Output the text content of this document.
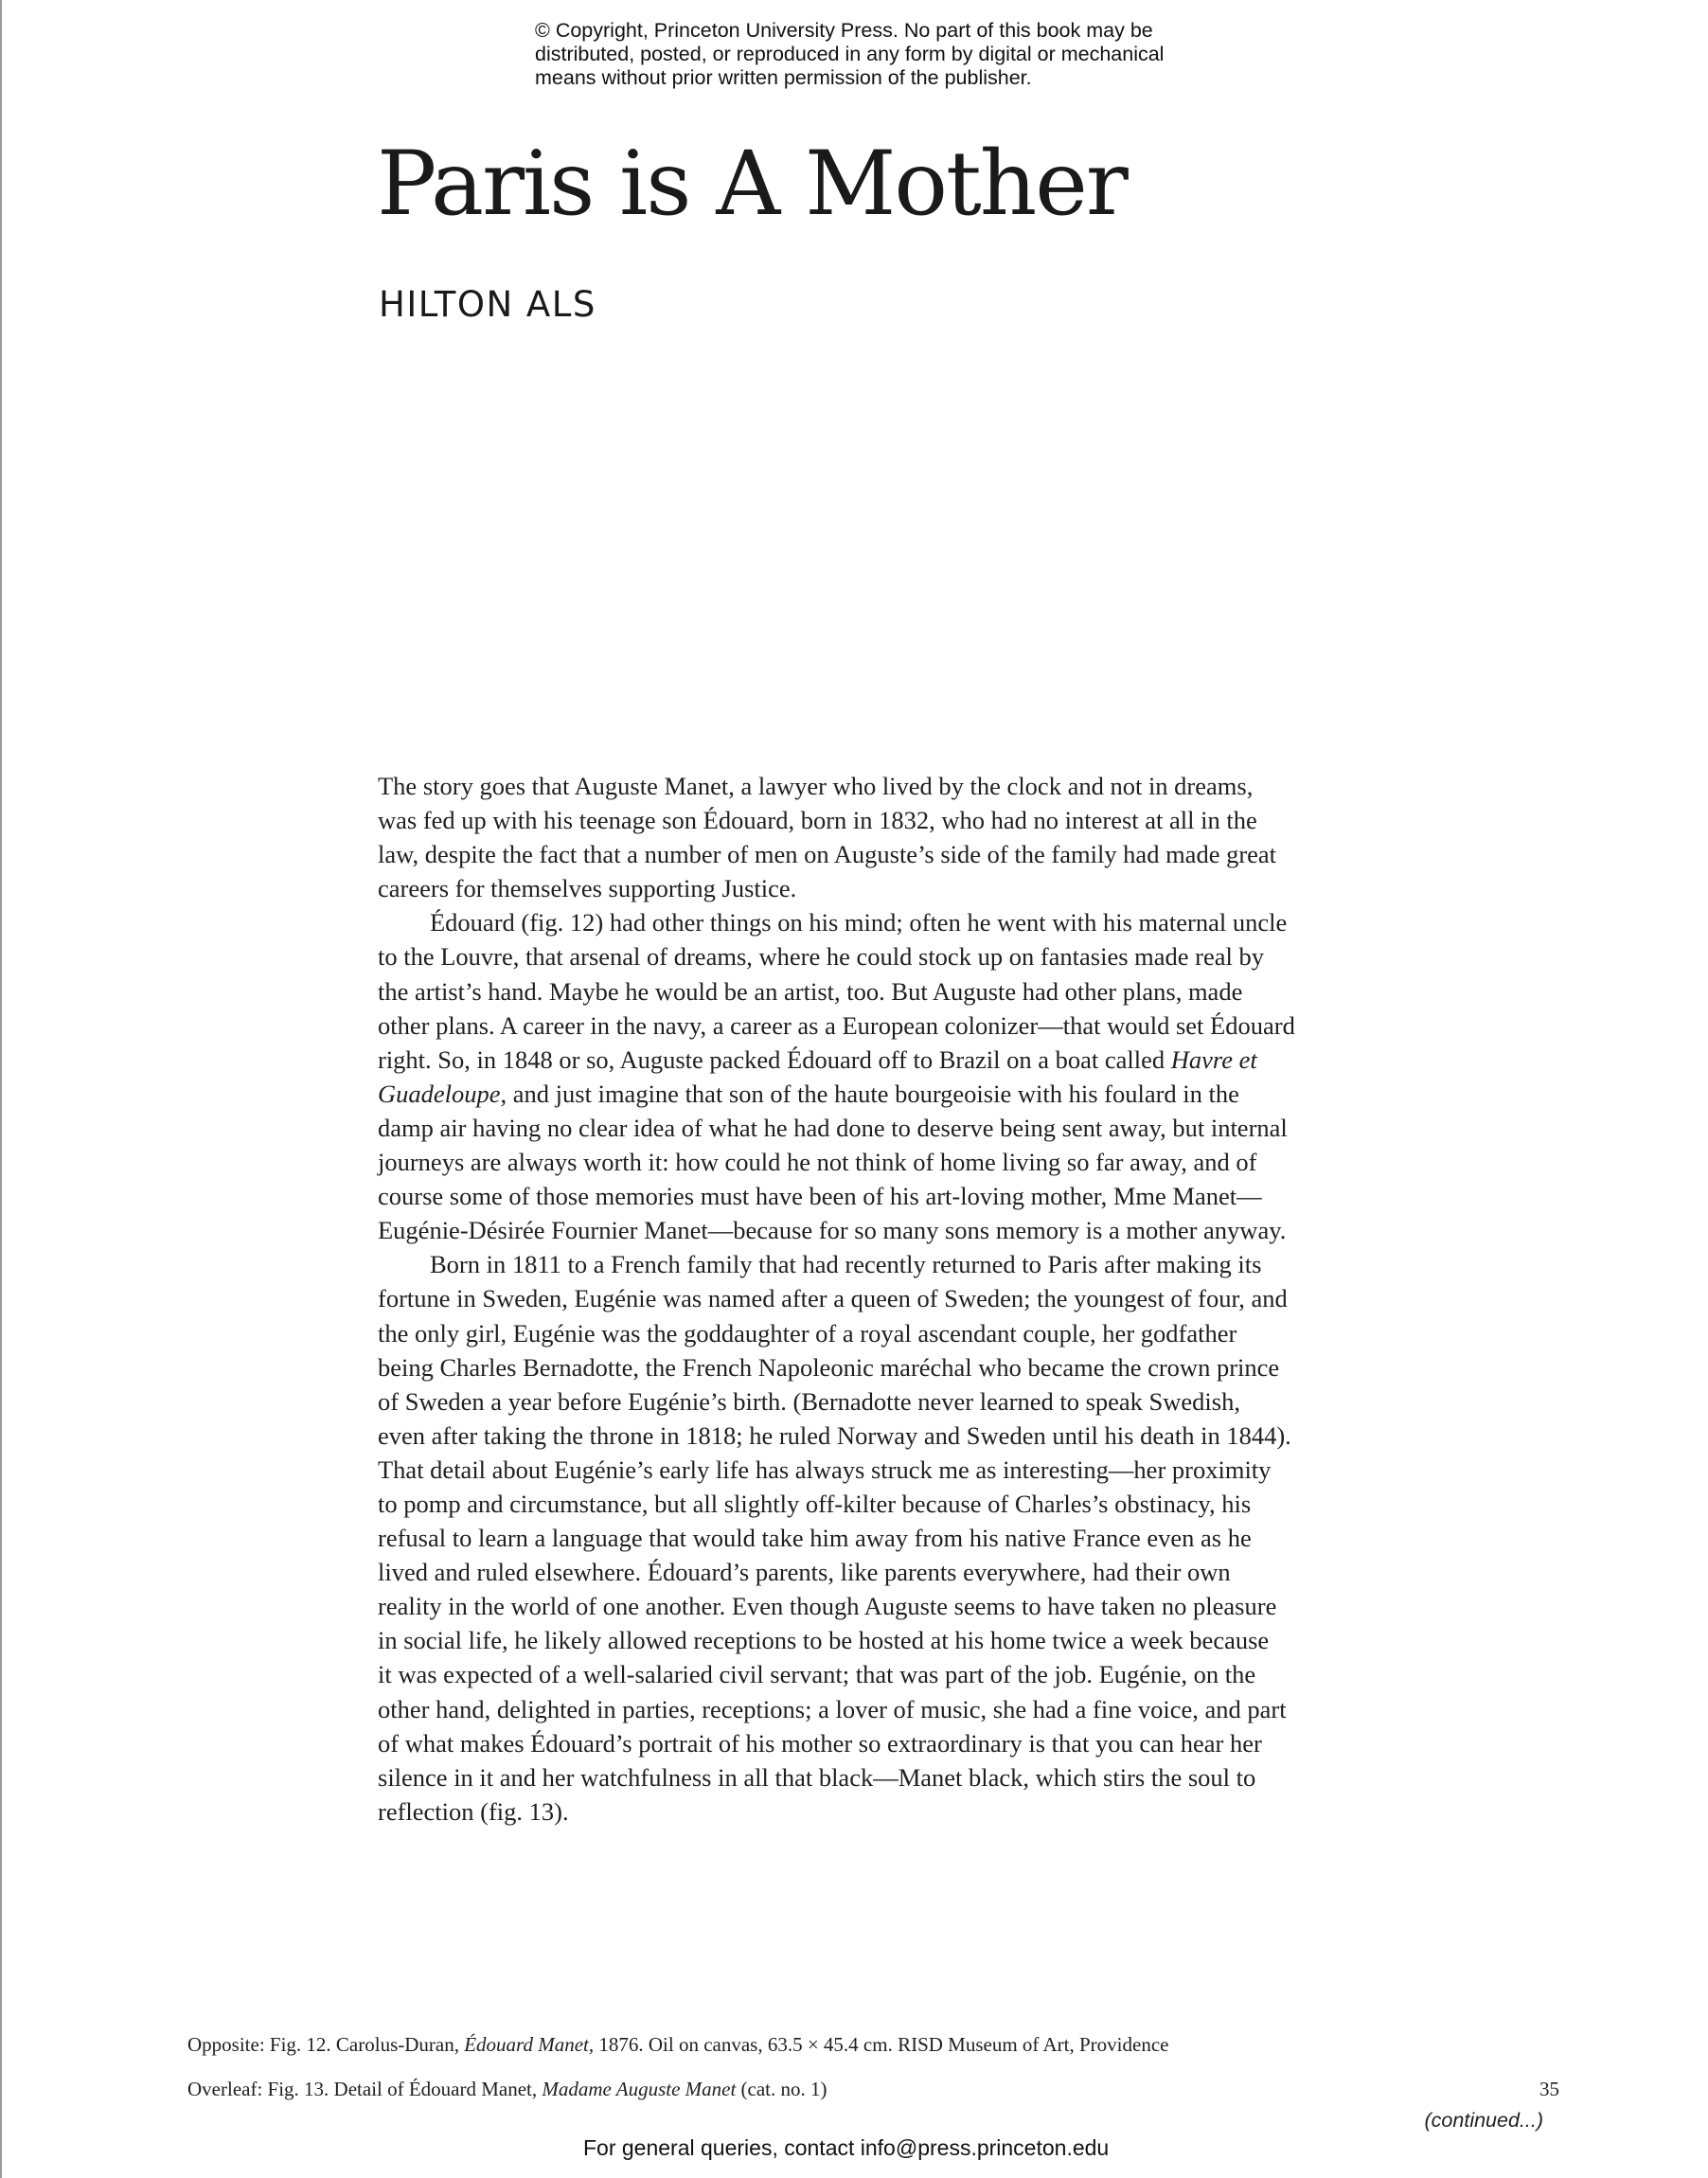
© Copyright, Princeton University Press. No part of this book may be
distributed, posted, or reproduced in any form by digital or mechanical
means without prior written permission of the publisher.
Paris is A Mother
HILTON ALS
The story goes that Auguste Manet, a lawyer who lived by the clock and not in dreams,
was fed up with his teenage son Édouard, born in 1832, who had no interest at all in the
law, despite the fact that a number of men on Auguste’s side of the family had made great
careers for themselves supporting Justice.
Édouard (fig. 12) had other things on his mind; often he went with his maternal uncle
to the Louvre, that arsenal of dreams, where he could stock up on fantasies made real by
the artist’s hand. Maybe he would be an artist, too. But Auguste had other plans, made
other plans. A career in the navy, a career as a European colonizer—that would set Édouard
right. So, in 1848 or so, Auguste packed Édouard off to Brazil on a boat called Havre et
Guadeloupe, and just imagine that son of the haute bourgeoisie with his foulard in the
damp air having no clear idea of what he had done to deserve being sent away, but internal
journeys are always worth it: how could he not think of home living so far away, and of
course some of those memories must have been of his art-loving mother, Mme Manet—
Eugénie-Désirée Fournier Manet—because for so many sons memory is a mother anyway.
Born in 1811 to a French family that had recently returned to Paris after making its
fortune in Sweden, Eugénie was named after a queen of Sweden; the youngest of four, and
the only girl, Eugénie was the goddaughter of a royal ascendant couple, her godfather
being Charles Bernadotte, the French Napoleonic maréchal who became the crown prince
of Sweden a year before Eugénie’s birth. (Bernadotte never learned to speak Swedish,
even after taking the throne in 1818; he ruled Norway and Sweden until his death in 1844).
That detail about Eugénie’s early life has always struck me as interesting—her proximity
to pomp and circumstance, but all slightly off-kilter because of Charles’s obstinacy, his
refusal to learn a language that would take him away from his native France even as he
lived and ruled elsewhere. Édouard’s parents, like parents everywhere, had their own
reality in the world of one another. Even though Auguste seems to have taken no pleasure
in social life, he likely allowed receptions to be hosted at his home twice a week because
it was expected of a well-salaried civil servant; that was part of the job. Eugénie, on the
other hand, delighted in parties, receptions; a lover of music, she had a fine voice, and part
of what makes Édouard’s portrait of his mother so extraordinary is that you can hear her
silence in it and her watchfulness in all that black—Manet black, which stirs the soul to
reflection (fig. 13).
Opposite: Fig. 12. Carolus-Duran, Édouard Manet, 1876. Oil on canvas, 63.5 × 45.4 cm. RISD Museum of Art, Providence
Overleaf: Fig. 13. Detail of Édouard Manet, Madame Auguste Manet (cat. no. 1)	35
(continued...)
For general queries, contact info@press.princeton.edu
